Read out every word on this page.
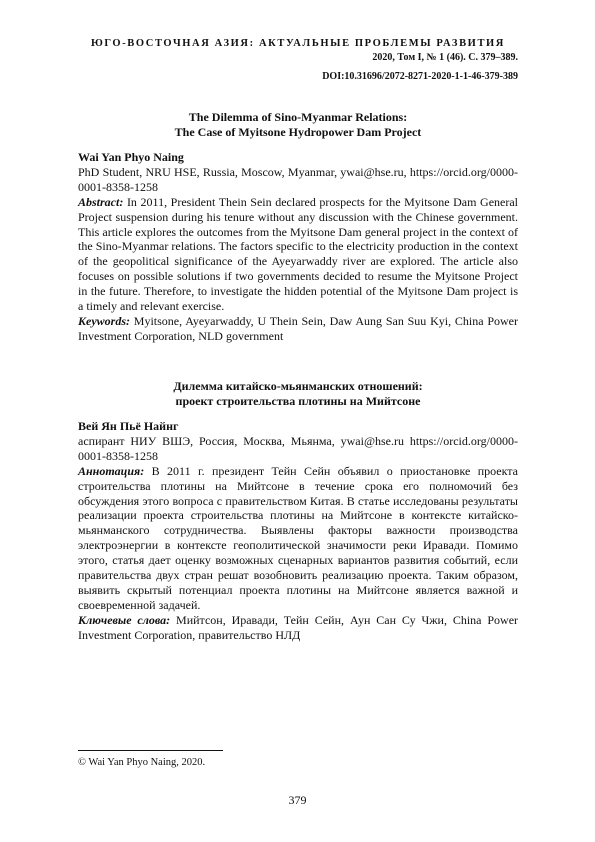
ЮГО-ВОСТОЧНАЯ АЗИЯ: АКТУАЛЬНЫЕ ПРОБЛЕМЫ РАЗВИТИЯ
2020, Том I, № 1 (46). С. 379–389.
DOI:10.31696/2072-8271-2020-1-1-46-379-389
The Dilemma of Sino-Myanmar Relations:
The Case of Myitsone Hydropower Dam Project

Wai Yan Phyo Naing

PhD Student, NRU HSE, Russia, Moscow, Myanmar, ywai@hse.ru, https://orcid.org/0000-0001-8358-1258

Abstract: In 2011, President Thein Sein declared prospects for the Myitsone Dam General Project suspension during his tenure without any discussion with the Chinese government. This article explores the outcomes from the Myitsone Dam general project in the context of the Sino-Myanmar relations. The factors specific to the electricity production in the context of the geopolitical significance of the Ayeyarwaddy river are explored. The article also focuses on possible solutions if two governments decided to resume the Myitsone Project in the future. Therefore, to investigate the hidden potential of the Myitsone Dam project is a timely and relevant exercise.

Keywords: Myitsone, Ayeyarwaddy, U Thein Sein, Daw Aung San Suu Kyi, China Power Investment Corporation, NLD government

Дилемма китайско-мьянманских отношений:
проект строительства плотины на Мийтсоне

Вей Ян Пьё Найнг

аспирант НИУ ВШЭ, Россия, Москва, Мьянма, ywai@hse.ru https://orcid.org/0000-0001-8358-1258

Аннотация: В 2011 г. президент Тейн Сейн объявил о приостановке проекта строительства плотины на Мийтсоне в течение срока его полномочий без обсуждения этого вопроса с правительством Китая. В статье исследованы результаты реализации проекта строительства плотины на Мийтсоне в контексте китайско-мьянманского сотрудничества. Выявлены факторы важности производства электроэнергии в контексте геополитической значимости реки Иравади. Помимо этого, статья дает оценку возможных сценарных вариантов развития событий, если правительства двух стран решат возобновить реализацию проекта. Таким образом, выявить скрытый потенциал проекта плотины на Мийтсоне является важной и своевременной задачей.

Ключевые слова: Мийтсон, Иравади, Тейн Сейн, Аун Сан Су Чжи, China Power Investment Corporation, правительство НЛД

© Wai Yan Phyo Naing, 2020.
379
